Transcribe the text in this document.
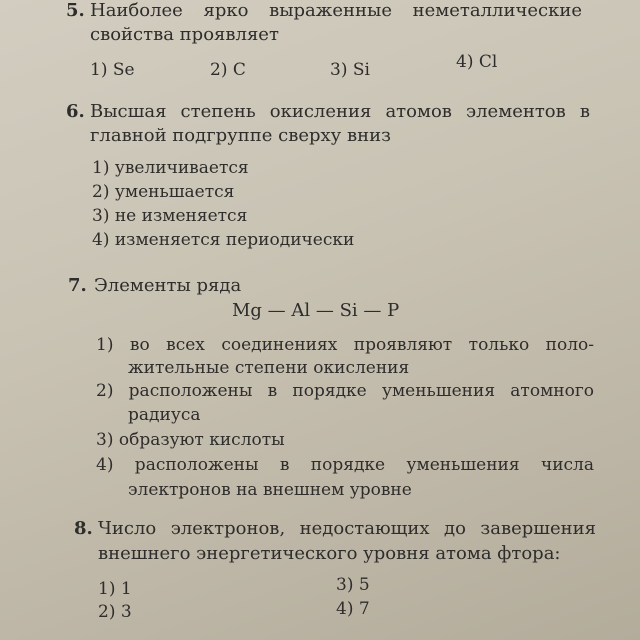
5. Наиболее ярко выраженные неметаллические
свойства проявляет
1) Se	2) C	3) Si	4) Cl
6. Высшая степень окисления атомов элементов в
главной подгруппе сверху вниз
1) увеличивается
2) уменьшается
3) не изменяется
4) изменяется периодически
7. Элементы ряда
Mg — Al — Si — P
1) во всех соединениях проявляют только поло-
жительные степени окисления
2) расположены в порядке уменьшения атомного
радиуса
3) образуют кислоты
4) расположены в порядке уменьшения числа
электронов на внешнем уровне
8. Число электронов, недостающих до завершения
внешнего энергетического уровня атома фтора:
1) 1
2) 3
3) 5
4) 7
